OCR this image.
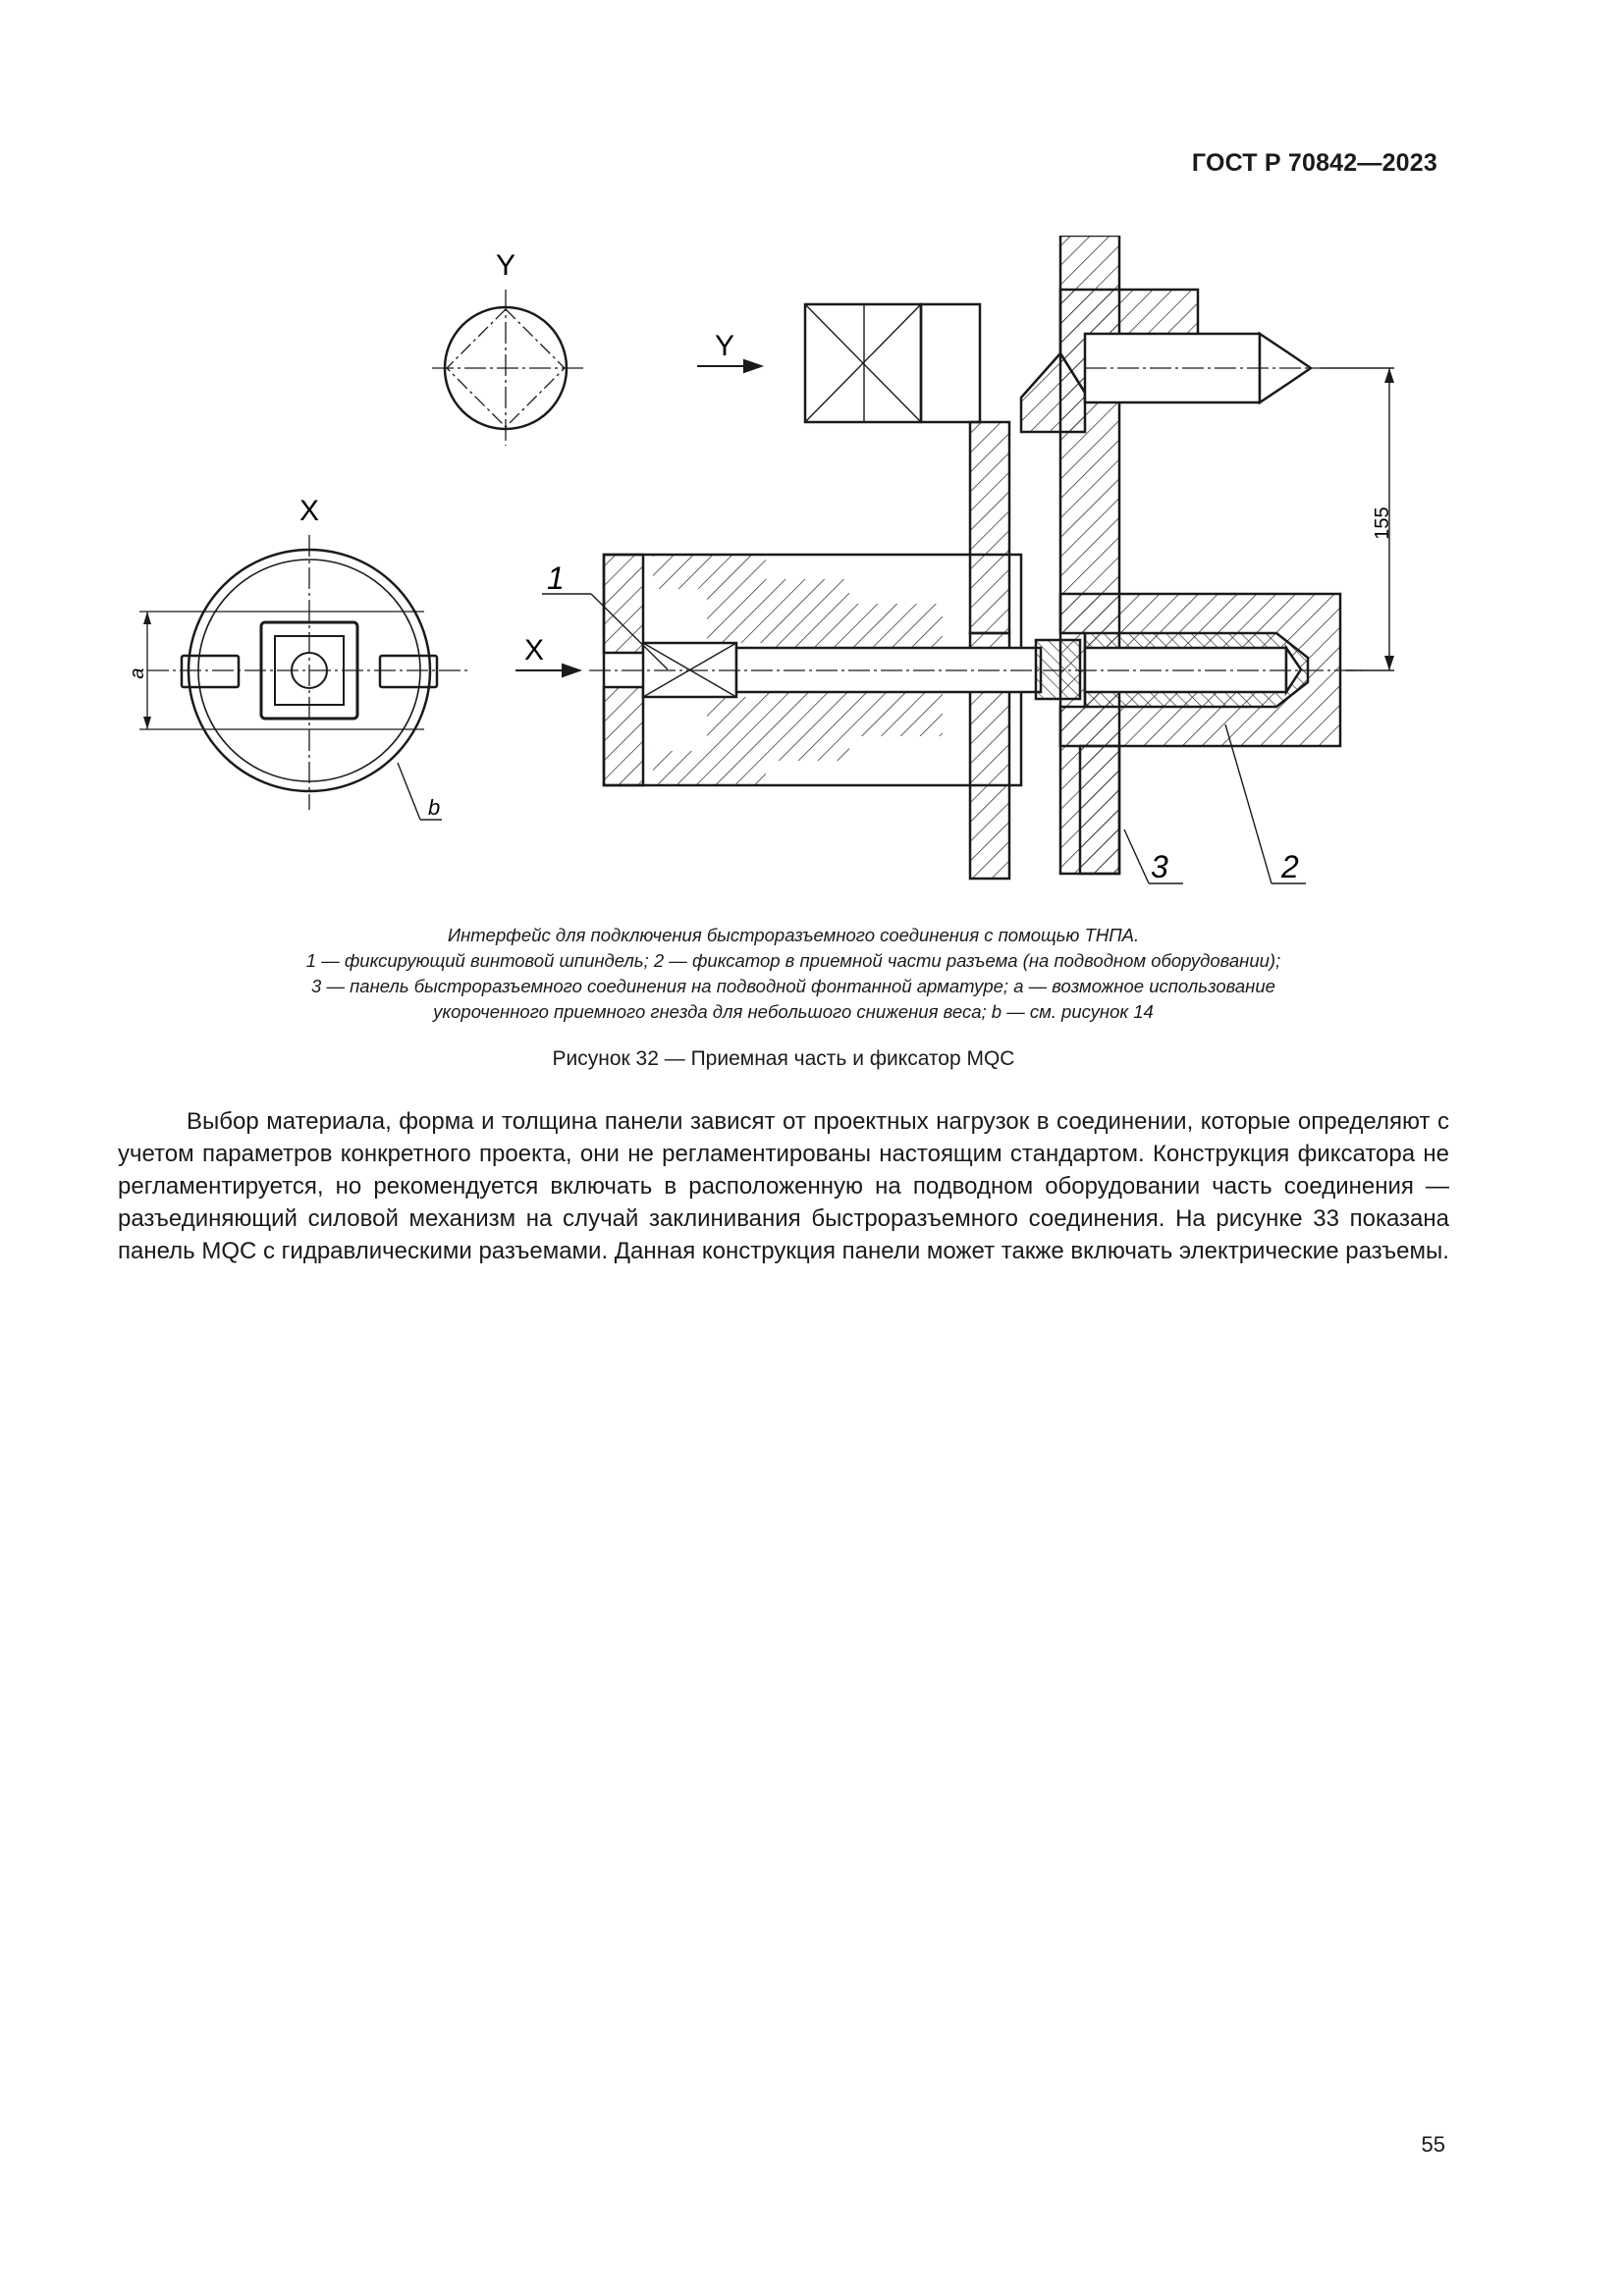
ГОСТ Р 70842—2023
Y
X
a
b
Y
X
155
1
3	2
Интерфейс для подключения быстроразъемного соединения с помощью ТНПА.
1 — фиксирующий винтовой шпиндель; 2 — фиксатор в приемной части разъема (на подводном оборудовании);
3 — панель быстроразъемного соединения на подводной фонтанной арматуре; a — возможное использование
укороченного приемного гнезда для небольшого снижения веса; b — см. рисунок 14
Рисунок 32 — Приемная часть и фиксатор MQC

Выбор материала, форма и толщина панели зависят от проектных нагрузок в соединении, которые определяют с учетом параметров конкретного проекта, они не регламентированы настоящим стандартом. Конструкция фиксатора не регламентируется, но рекомендуется включать в расположенную на подводном оборудовании часть соединения — разъединяющий силовой механизм на случай заклинивания быстроразъемного соединения. На рисунке 33 показана панель MQC с гидравлическими разъемами. Данная конструкция панели может также включать электрические разъемы.

55
